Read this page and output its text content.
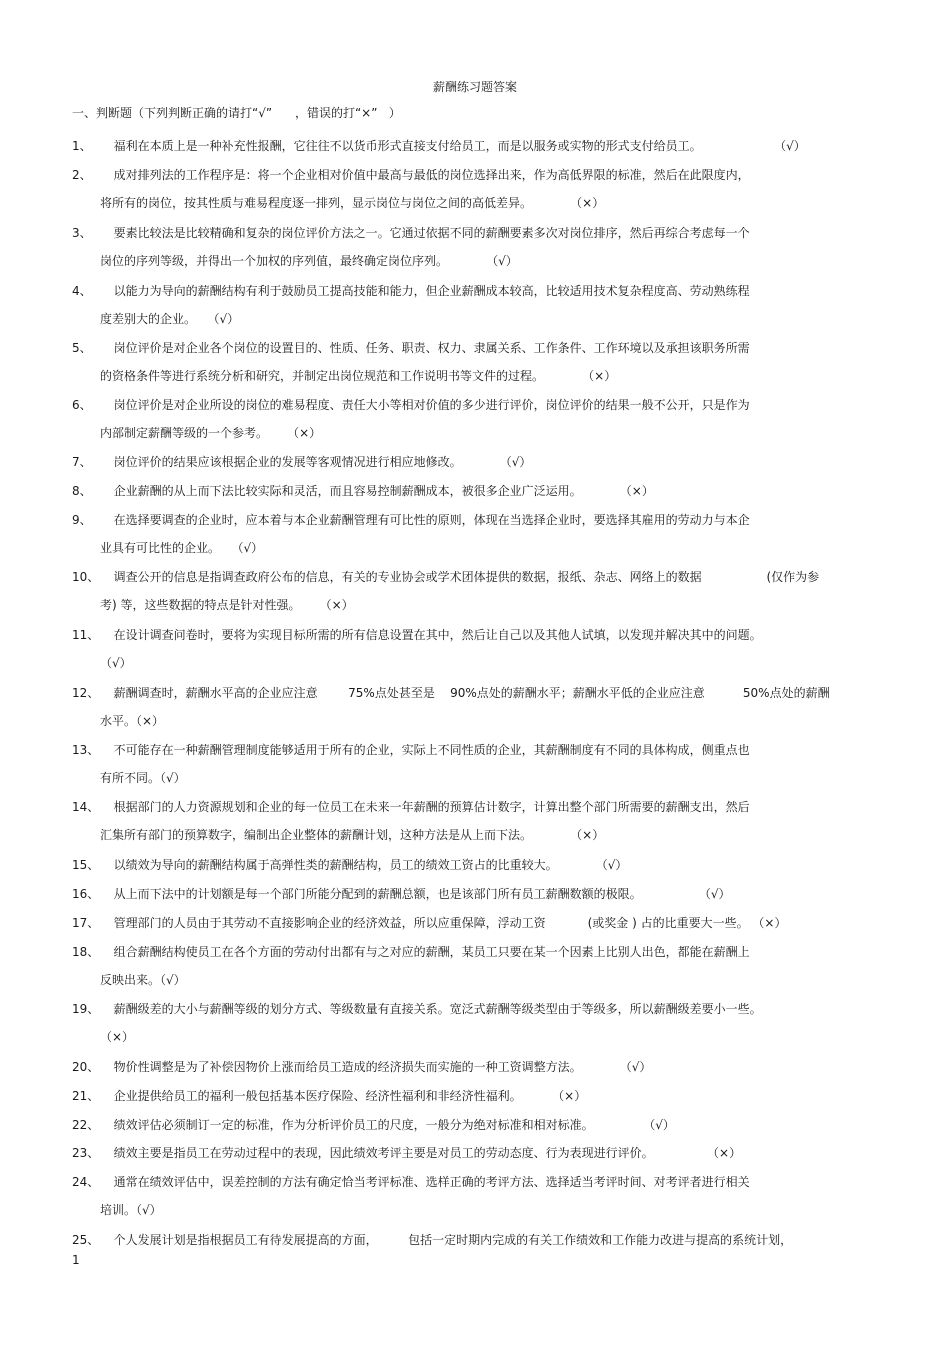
薪酬练习题答案
一、判断题（下列判断正确的请打“√”      ，错误的打“×”   ）
1、	福利在本质上是一种补充性报酬，它往往不以货币形式直接支付给员工，而是以服务或实物的形式支付给员工。                   （√）
2、	成对排列法的工作程序是：将一个企业相对价值中最高与最低的岗位选择出来，作为高低界限的标准，然后在此限度内，
将所有的岗位，按其性质与难易程度逐一排列，显示岗位与岗位之间的高低差异。          （×）
3、	要素比较法是比较精确和复杂的岗位评价方法之一。它通过依据不同的薪酬要素多次对岗位排序，然后再综合考虑每一个
岗位的序列等级，并得出一个加权的序列值，最终确定岗位序列。          （√）
4、	以能力为导向的薪酬结构有利于鼓励员工提高技能和能力，但企业薪酬成本较高，比较适用技术复杂程度高、劳动熟练程
度差别大的企业。   （√）
5、	岗位评价是对企业各个岗位的设置目的、性质、任务、职责、权力、隶属关系、工作条件、工作环境以及承担该职务所需
的资格条件等进行系统分析和研究，并制定出岗位规范和工作说明书等文件的过程。          （×）
6、	岗位评价是对企业所设的岗位的难易程度、责任大小等相对价值的多少进行评价，岗位评价的结果一般不公开，只是作为
内部制定薪酬等级的一个参考。     （×）
7、	岗位评价的结果应该根据企业的发展等客观情况进行相应地修改。          （√）
8、	企业薪酬的从上而下法比较实际和灵活，而且容易控制薪酬成本，被很多企业广泛运用。          （×）
9、	在选择要调查的企业时，应本着与本企业薪酬管理有可比性的原则，体现在当选择企业时，要选择其雇用的劳动力与本企
业具有可比性的企业。   （√）
10、 调查公开的信息是指调查政府公布的信息，有关的专业协会或学术团体提供的数据，报纸、杂志、网络上的数据                 (仅作为参
考) 等，这些数据的特点是针对性强。     （×）
11、 在设计调查问卷时，要将为实现目标所需的所有信息设置在其中，然后让自己以及其他人试填，以发现并解决其中的问题。
（√）
12、 薪酬调查时，薪酬水平高的企业应注意        75%点处甚至是    90%点处的薪酬水平；薪酬水平低的企业应注意          50%点处的薪酬
水平。（×）
13、 不可能存在一种薪酬管理制度能够适用于所有的企业，实际上不同性质的企业，其薪酬制度有不同的具体构成，侧重点也
有所不同。（√）
14、 根据部门的人力资源规划和企业的每一位员工在未来一年薪酬的预算估计数字，计算出整个部门所需要的薪酬支出，然后
汇集所有部门的预算数字，编制出企业整体的薪酬计划，这种方法是从上而下法。          （×）
15、 以绩效为导向的薪酬结构属于高弹性类的薪酬结构，员工的绩效工资占的比重较大。          （√）
16、 从上而下法中的计划额是每一个部门所能分配到的薪酬总额，也是该部门所有员工薪酬数额的极限。               （√）
17、 管理部门的人员由于其劳动不直接影响企业的经济效益，所以应重保障，浮动工资           (或奖金 ) 占的比重要大一些。 （×）
18、 组合薪酬结构使员工在各个方面的劳动付出都有与之对应的薪酬，某员工只要在某一个因素上比别人出色，都能在薪酬上
反映出来。（√）
19、 薪酬级差的大小与薪酬等级的划分方式、等级数量有直接关系。宽泛式薪酬等级类型由于等级多，所以薪酬级差要小一些。
（×）
20、 物价性调整是为了补偿因物价上涨而给员工造成的经济损失而实施的一种工资调整方法。          （√）
21、 企业提供给员工的福利一般包括基本医疗保险、经济性福利和非经济性福利。        （×）
22、 绩效评估必须制订一定的标准，作为分析评价员工的尺度，一般分为绝对标准和相对标准。             （√）
23、 绩效主要是指员工在劳动过程中的表现，因此绩效考评主要是对员工的劳动态度、行为表现进行评价。              （×）
24、 通常在绩效评估中，误差控制的方法有确定恰当考评标准、选样正确的考评方法、选择适当考评时间、对考评者进行相关
培训。（√）
25、 个人发展计划是指根据员工有待发展提高的方面，        包括一定时期内完成的有关工作绩效和工作能力改进与提高的系统计划，
1
